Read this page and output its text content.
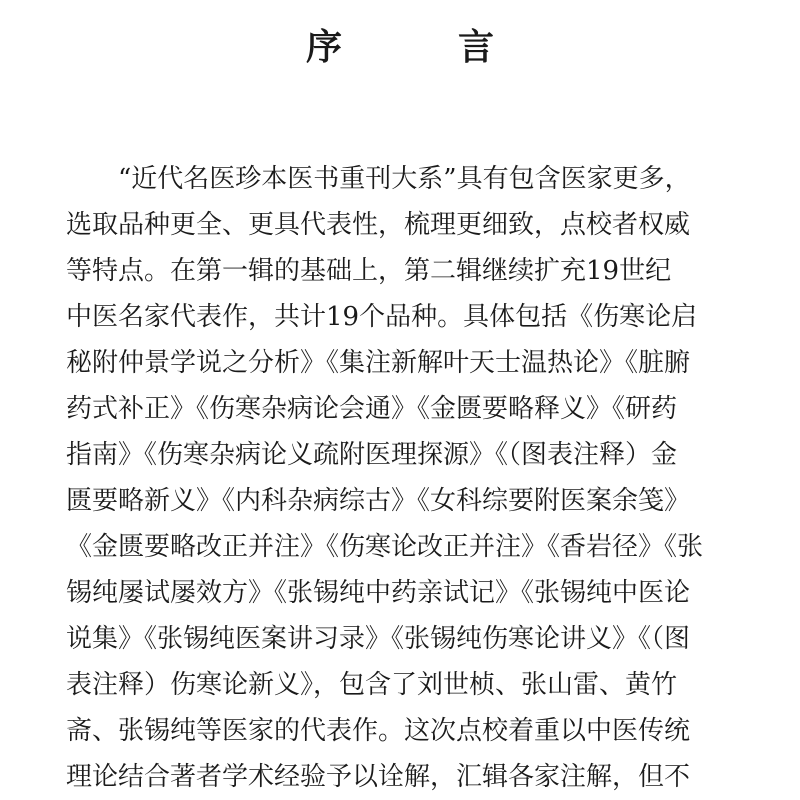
序　言
“近代名医珍本医书重刊大系”具有包含医家更多，
选取品种更全、更具代表性，梳理更细致，点校者权威
等特点。在第一辑的基础上，第二辑继续扩充19世纪
中医名家代表作，共计19个品种。具体包括《伤寒论启
秘附仲景学说之分析》《集注新解叶天士温热论》《脏腑
药式补正》《伤寒杂病论会通》《金匮要略释义》《研药
指南》《伤寒杂病论义疏附医理探源》《（图表注释）金
匮要略新义》《内科杂病综古》《女科综要附医案余笺》
《金匮要略改正并注》《伤寒论改正并注》《香岩径》《张
锡纯屡试屡效方》《张锡纯中药亲试记》《张锡纯中医论
说集》《张锡纯医案讲习录》《张锡纯伤寒论讲义》《（图
表注释）伤寒论新义》，包含了刘世桢、张山雷、黄竹
斋、张锡纯等医家的代表作。这次点校着重以中医传统
理论结合著者学术经验予以诠解，汇辑各家注解，但不
